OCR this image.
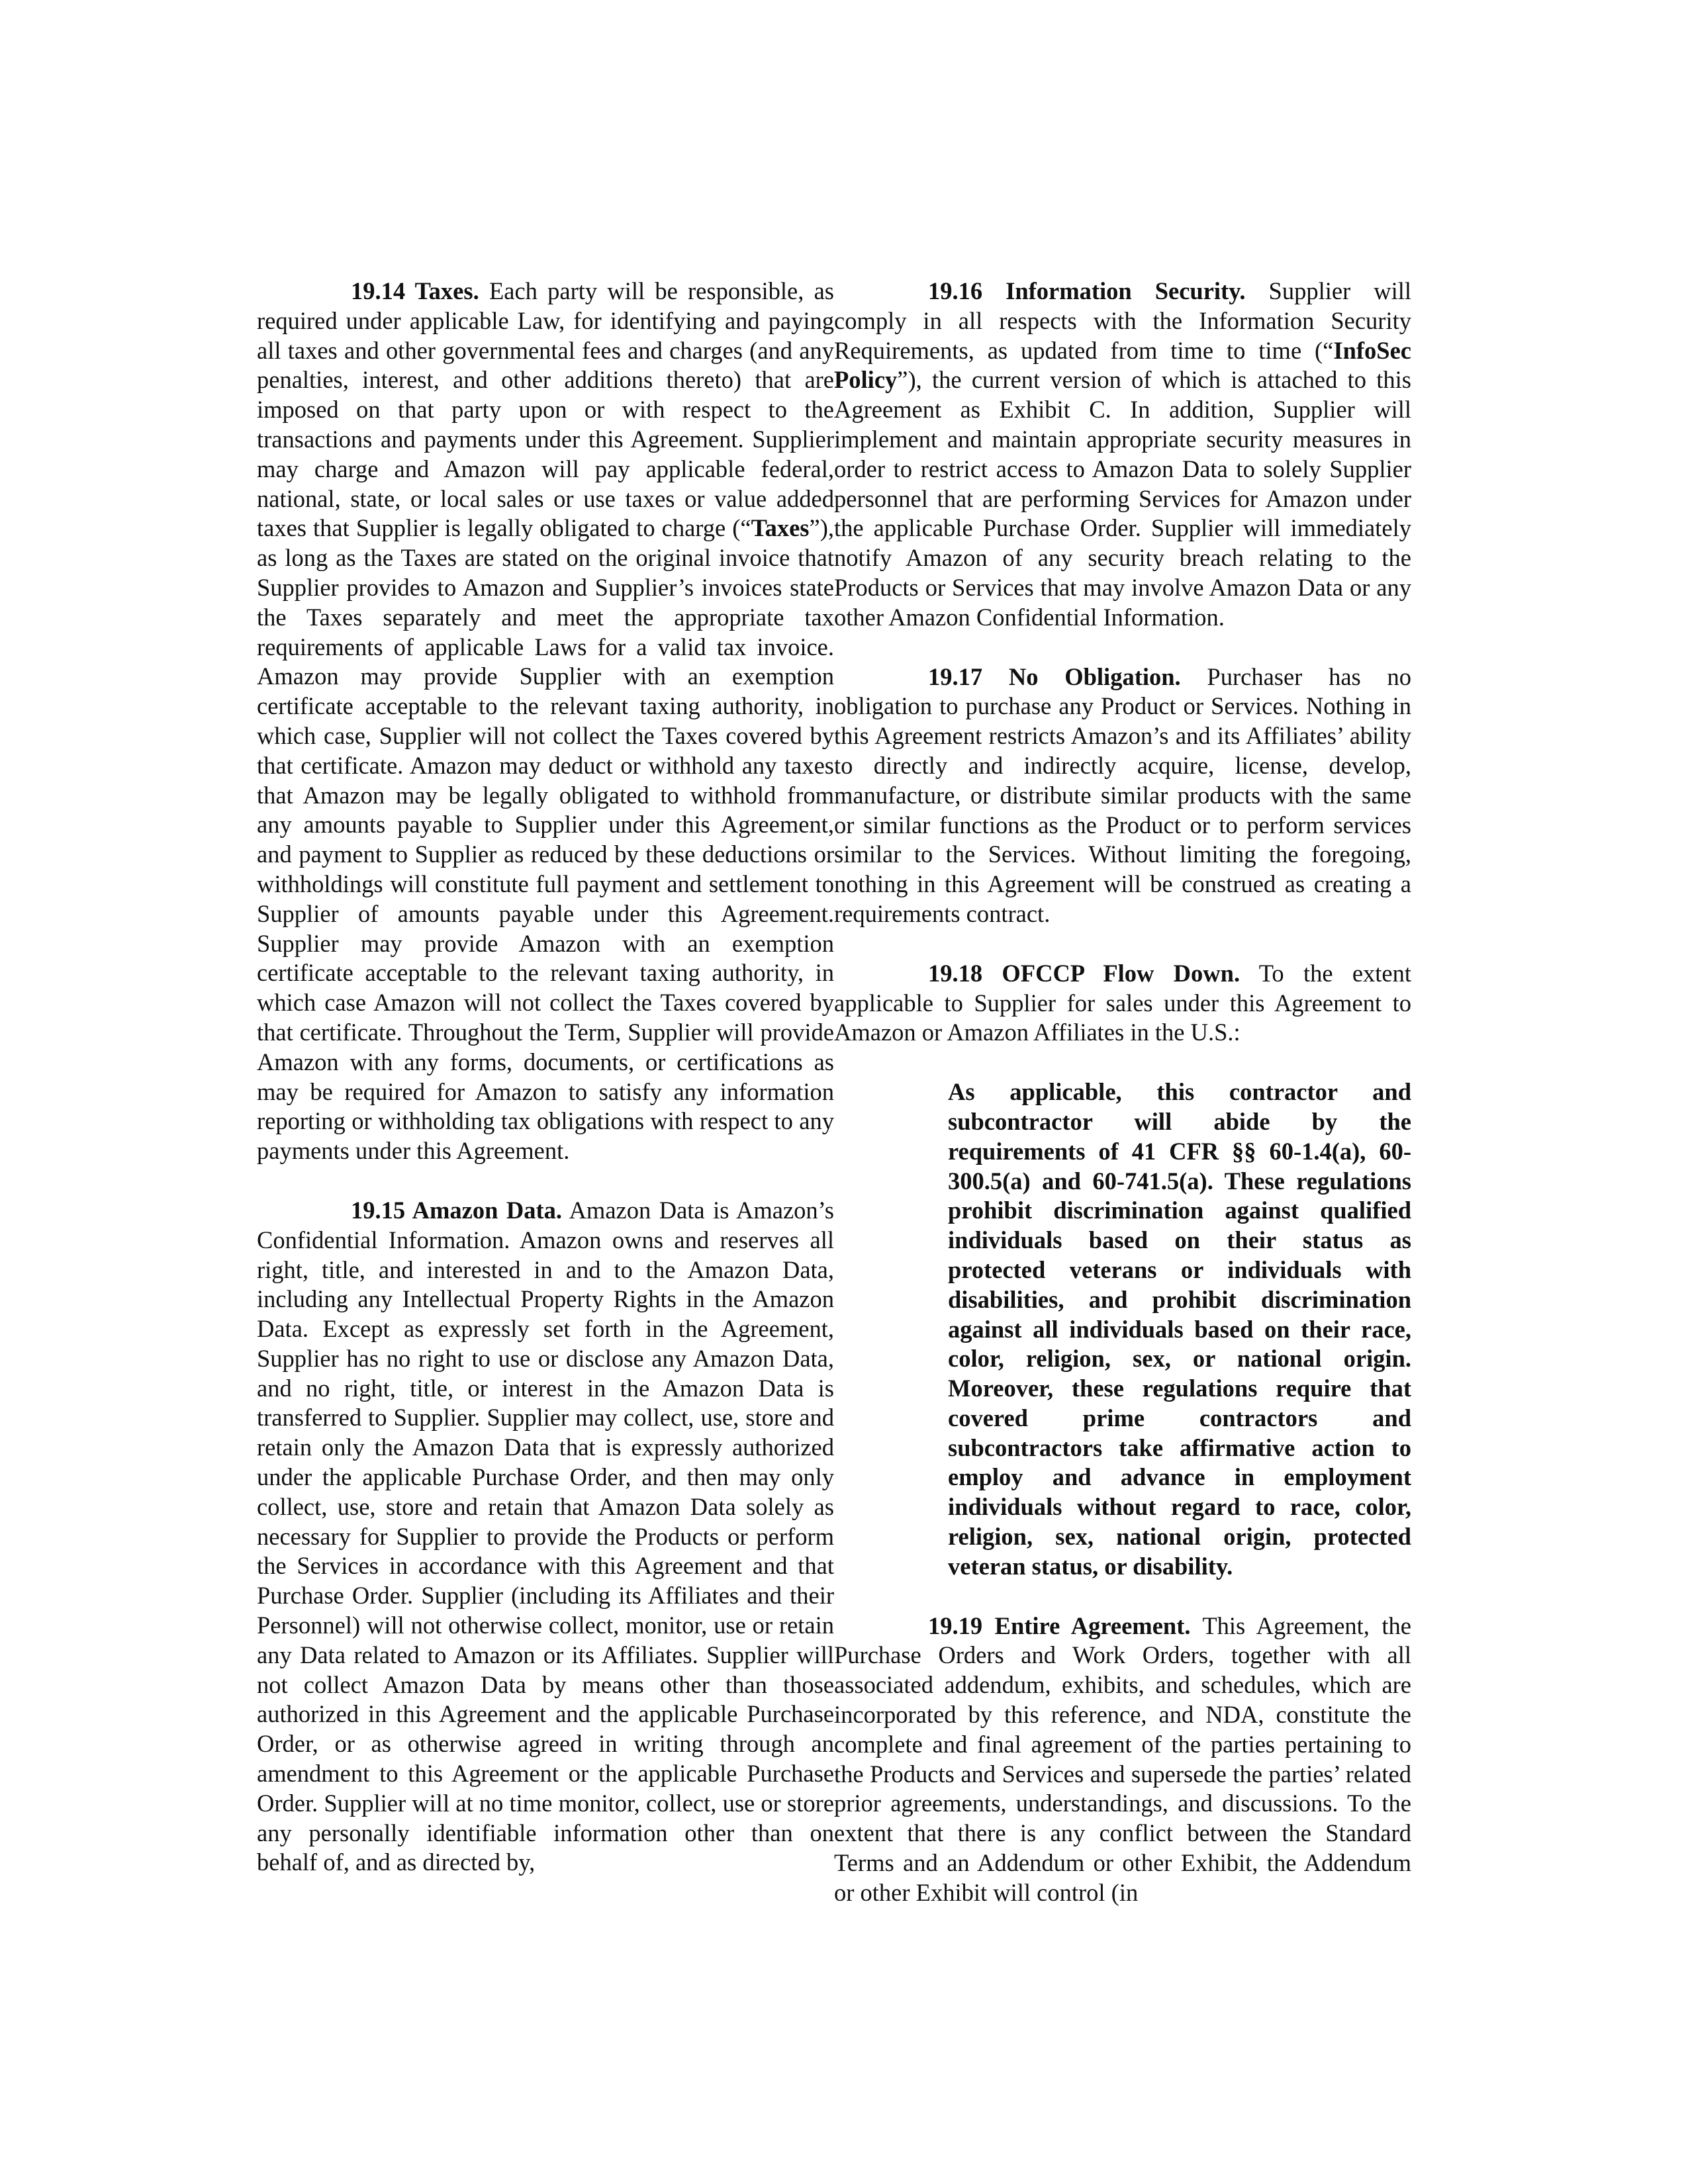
19.14 Taxes. Each party will be responsible, as required under applicable Law, for identifying and paying all taxes and other governmental fees and charges (and any penalties, interest, and other additions thereto) that are imposed on that party upon or with respect to the transactions and payments under this Agreement. Supplier may charge and Amazon will pay applicable federal, national, state, or local sales or use taxes or value added taxes that Supplier is legally obligated to charge (“Taxes”), as long as the Taxes are stated on the original invoice that Supplier provides to Amazon and Supplier’s invoices state the Taxes separately and meet the appropriate tax requirements of applicable Laws for a valid tax invoice. Amazon may provide Supplier with an exemption certificate acceptable to the relevant taxing authority, in which case, Supplier will not collect the Taxes covered by that certificate. Amazon may deduct or withhold any taxes that Amazon may be legally obligated to withhold from any amounts payable to Supplier under this Agreement, and payment to Supplier as reduced by these deductions or withholdings will constitute full payment and settlement to Supplier of amounts payable under this Agreement. Supplier may provide Amazon with an exemption certificate acceptable to the relevant taxing authority, in which case Amazon will not collect the Taxes covered by that certificate. Throughout the Term, Supplier will provide Amazon with any forms, documents, or certifications as may be required for Amazon to satisfy any information reporting or withholding tax obligations with respect to any payments under this Agreement.

19.15 Amazon Data. Amazon Data is Amazon’s Confidential Information. Amazon owns and reserves all right, title, and interested in and to the Amazon Data, including any Intellectual Property Rights in the Amazon Data. Except as expressly set forth in the Agreement, Supplier has no right to use or disclose any Amazon Data, and no right, title, or interest in the Amazon Data is transferred to Supplier. Supplier may collect, use, store and retain only the Amazon Data that is expressly authorized under the applicable Purchase Order, and then may only collect, use, store and retain that Amazon Data solely as necessary for Supplier to provide the Products or perform the Services in accordance with this Agreement and that Purchase Order. Supplier (including its Affiliates and their Personnel) will not otherwise collect, monitor, use or retain any Data related to Amazon or its Affiliates. Supplier will not collect Amazon Data by means other than those authorized in this Agreement and the applicable Purchase Order, or as otherwise agreed in writing through an amendment to this Agreement or the applicable Purchase Order. Supplier will at no time monitor, collect, use or store any personally identifiable information other than on behalf of, and as directed by,

19.16 Information Security. Supplier will comply in all respects with the Information Security Requirements, as updated from time to time (“InfoSec Policy”), the current version of which is attached to this Agreement as Exhibit C. In addition, Supplier will implement and maintain appropriate security measures in order to restrict access to Amazon Data to solely Supplier personnel that are performing Services for Amazon under the applicable Purchase Order. Supplier will immediately notify Amazon of any security breach relating to the Products or Services that may involve Amazon Data or any other Amazon Confidential Information.

19.17 No Obligation. Purchaser has no obligation to purchase any Product or Services. Nothing in this Agreement restricts Amazon’s and its Affiliates’ ability to directly and indirectly acquire, license, develop, manufacture, or distribute similar products with the same or similar functions as the Product or to perform services similar to the Services. Without limiting the foregoing, nothing in this Agreement will be construed as creating a requirements contract.

19.18 OFCCP Flow Down. To the extent applicable to Supplier for sales under this Agreement to Amazon or Amazon Affiliates in the U.S.:

As applicable, this contractor and subcontractor will abide by the requirements of 41 CFR §§ 60-1.4(a), 60-300.5(a) and 60-741.5(a). These regulations prohibit discrimination against qualified individuals based on their status as protected veterans or individuals with disabilities, and prohibit discrimination against all individuals based on their race, color, religion, sex, or national origin. Moreover, these regulations require that covered prime contractors and subcontractors take affirmative action to employ and advance in employment individuals without regard to race, color, religion, sex, national origin, protected veteran status, or disability.

19.19 Entire Agreement. This Agreement, the Purchase Orders and Work Orders, together with all associated addendum, exhibits, and schedules, which are incorporated by this reference, and NDA, constitute the complete and final agreement of the parties pertaining to the Products and Services and supersede the parties’ related prior agreements, understandings, and discussions. To the extent that there is any conflict between the Standard Terms and an Addendum or other Exhibit, the Addendum or other Exhibit will control (in
